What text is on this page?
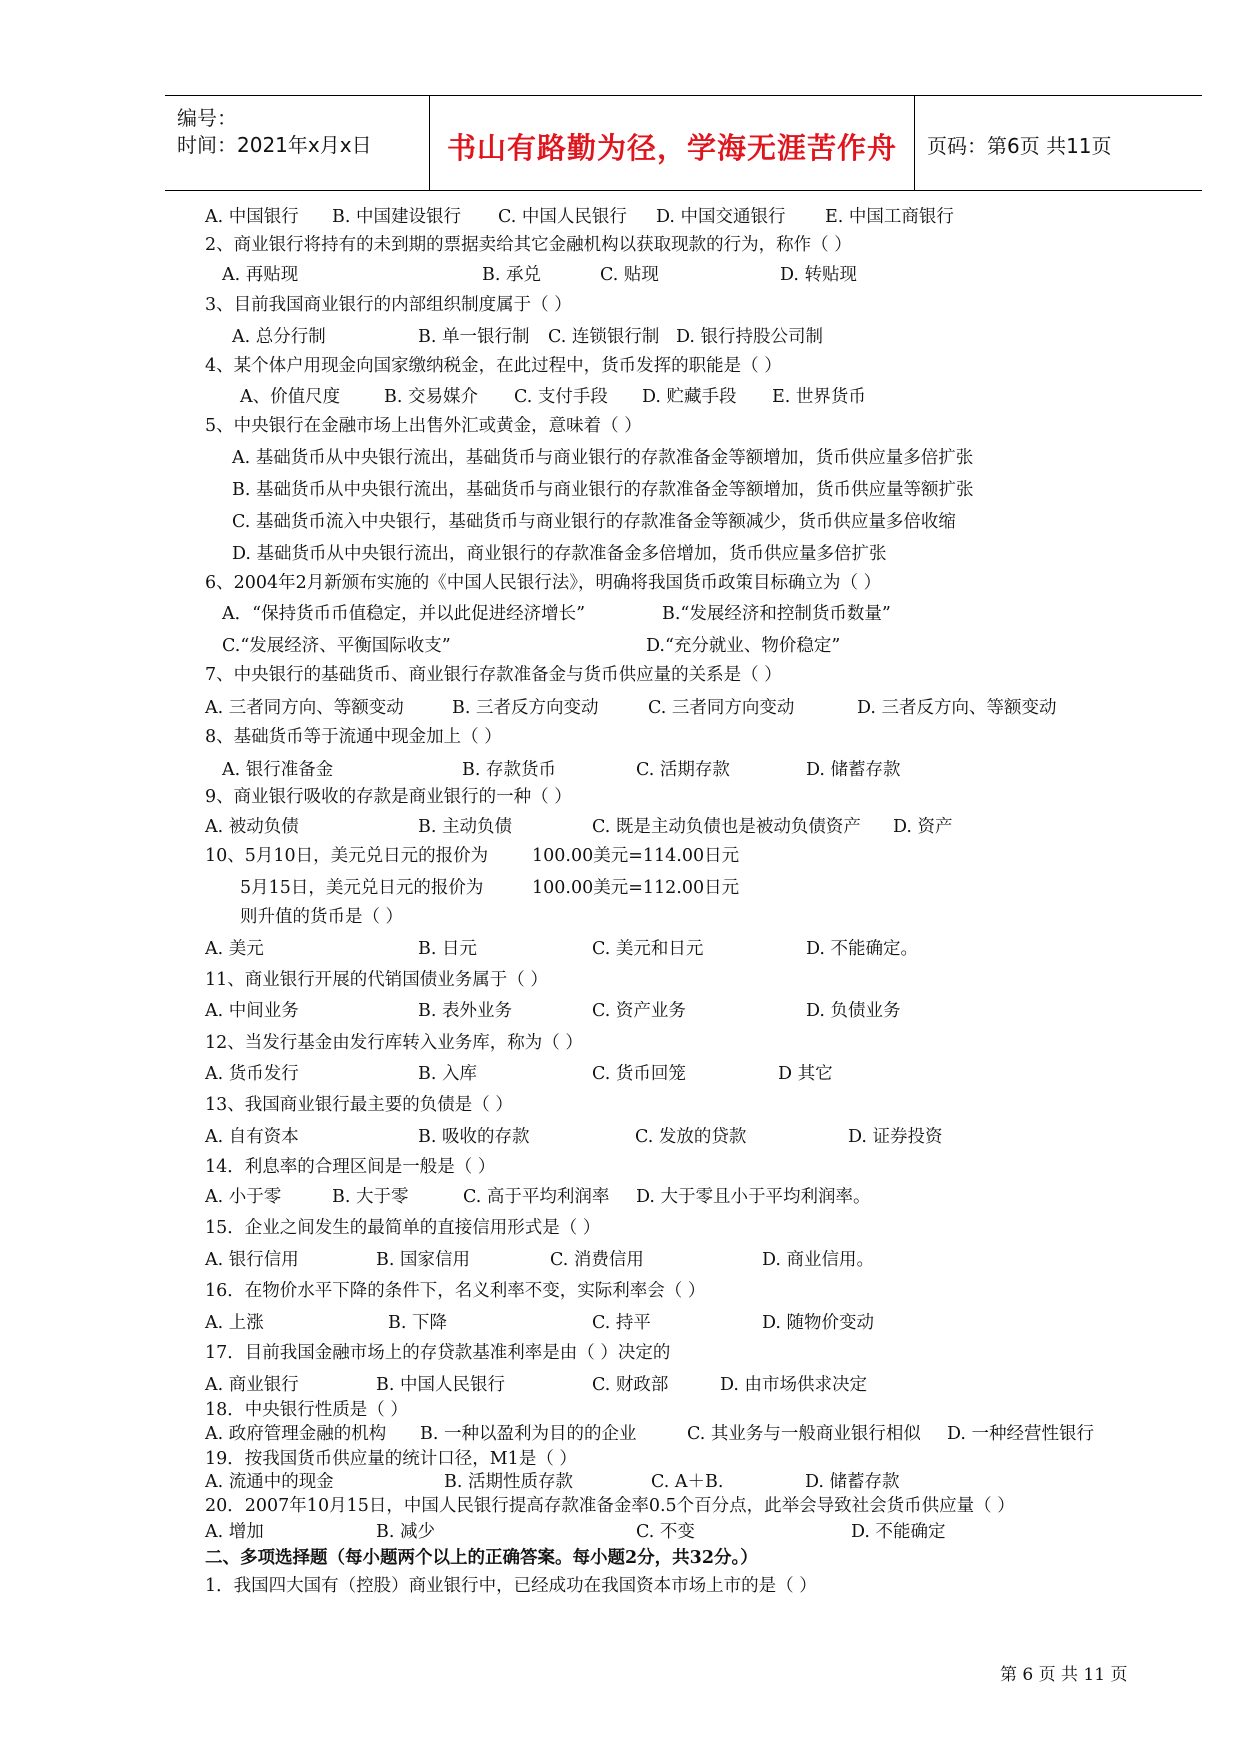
编号：
时间：2021年x月x日	书山有路勤为径，学海无涯苦作舟	页码：第6页 共11页
A. 中国银行 B. 中国建设银行 C. 中国人民银行 D. 中国交通银行 E. 中国工商银行
2、商业银行将持有的未到期的票据卖给其它金融机构以获取现款的行为，称作（ ）
A. 再贴现	B. 承兑	C. 贴现	D. 转贴现
3、目前我国商业银行的内部组织制度属于（ ）
A. 总分行制	B. 单一银行制 C. 连锁银行制 D. 银行持股公司制
4、某个体户用现金向国家缴纳税金，在此过程中，货币发挥的职能是（ ）
A、价值尺度	B. 交易媒介 C. 支付手段 D. 贮藏手段 E. 世界货币
5、中央银行在金融市场上出售外汇或黄金，意味着（ ）
A. 基础货币从中央银行流出，基础货币与商业银行的存款准备金等额增加，货币供应量多倍扩张
B. 基础货币从中央银行流出，基础货币与商业银行的存款准备金等额增加，货币供应量等额扩张
C. 基础货币流入中央银行，基础货币与商业银行的存款准备金等额减少，货币供应量多倍收缩
D. 基础货币从中央银行流出，商业银行的存款准备金多倍增加，货币供应量多倍扩张
6、2004年2月新颁布实施的《中国人民银行法》，明确将我国货币政策目标确立为（ ）
A．“保持货币币值稳定，并以此促进经济增长”	B.“发展经济和控制货币数量”
C.“发展经济、平衡国际收支”	D.“充分就业、物价稳定”
7、中央银行的基础货币、商业银行存款准备金与货币供应量的关系是（ ）
A. 三者同方向、等额变动	B. 三者反方向变动	C. 三者同方向变动	D. 三者反方向、等额变动
8、基础货币等于流通中现金加上（ ）
A. 银行准备金	B. 存款货币	C. 活期存款	D. 储蓄存款
9、商业银行吸收的存款是商业银行的一种（ ）
A. 被动负债	B. 主动负债	C. 既是主动负债也是被动负债资产 D. 资产
10、5月10日，美元兑日元的报价为	100.00美元=114.00日元
5月15日，美元兑日元的报价为	100.00美元=112.00日元
则升值的货币是（ ）
A. 美元	B. 日元	C. 美元和日元	D. 不能确定。
11、商业银行开展的代销国债业务属于（ ）
A. 中间业务	B. 表外业务	C. 资产业务	D. 负债业务
12、当发行基金由发行库转入业务库，称为（ ）
A. 货币发行	B. 入库	C. 货币回笼	D 其它
13、我国商业银行最主要的负债是（ ）
A. 自有资本	B. 吸收的存款	C. 发放的贷款	D. 证券投资
14．利息率的合理区间是一般是（ ）
A. 小于零	B. 大于零	C. 高于平均利润率 D. 大于零且小于平均利润率。
15．企业之间发生的最简单的直接信用形式是（ ）
A. 银行信用	B. 国家信用	C. 消费信用	D. 商业信用。
16．在物价水平下降的条件下，名义利率不变，实际利率会（ ）
A. 上涨	B. 下降	C. 持平	D. 随物价变动
17．目前我国金融市场上的存贷款基准利率是由（ ）决定的
A. 商业银行	B. 中国人民银行	C. 财政部	D. 由市场供求决定
18．中央银行性质是（ ）
A. 政府管理金融的机构 B. 一种以盈利为目的的企业	C. 其业务与一般商业银行相似 D. 一种经营性银行
19．按我国货币供应量的统计口径，M1是（ ）
A. 流通中的现金	B. 活期性质存款	C. A＋B.	D. 储蓄存款
20．2007年10月15日，中国人民银行提高存款准备金率0.5个百分点，此举会导致社会货币供应量（ ）
A. 增加	B. 减少	C. 不变	D. 不能确定
二、多项选择题（每小题两个以上的正确答案。每小题2分，共32分。）
1．我国四大国有（控股）商业银行中，已经成功在我国资本市场上市的是（ ）
第 6 页 共 11 页
